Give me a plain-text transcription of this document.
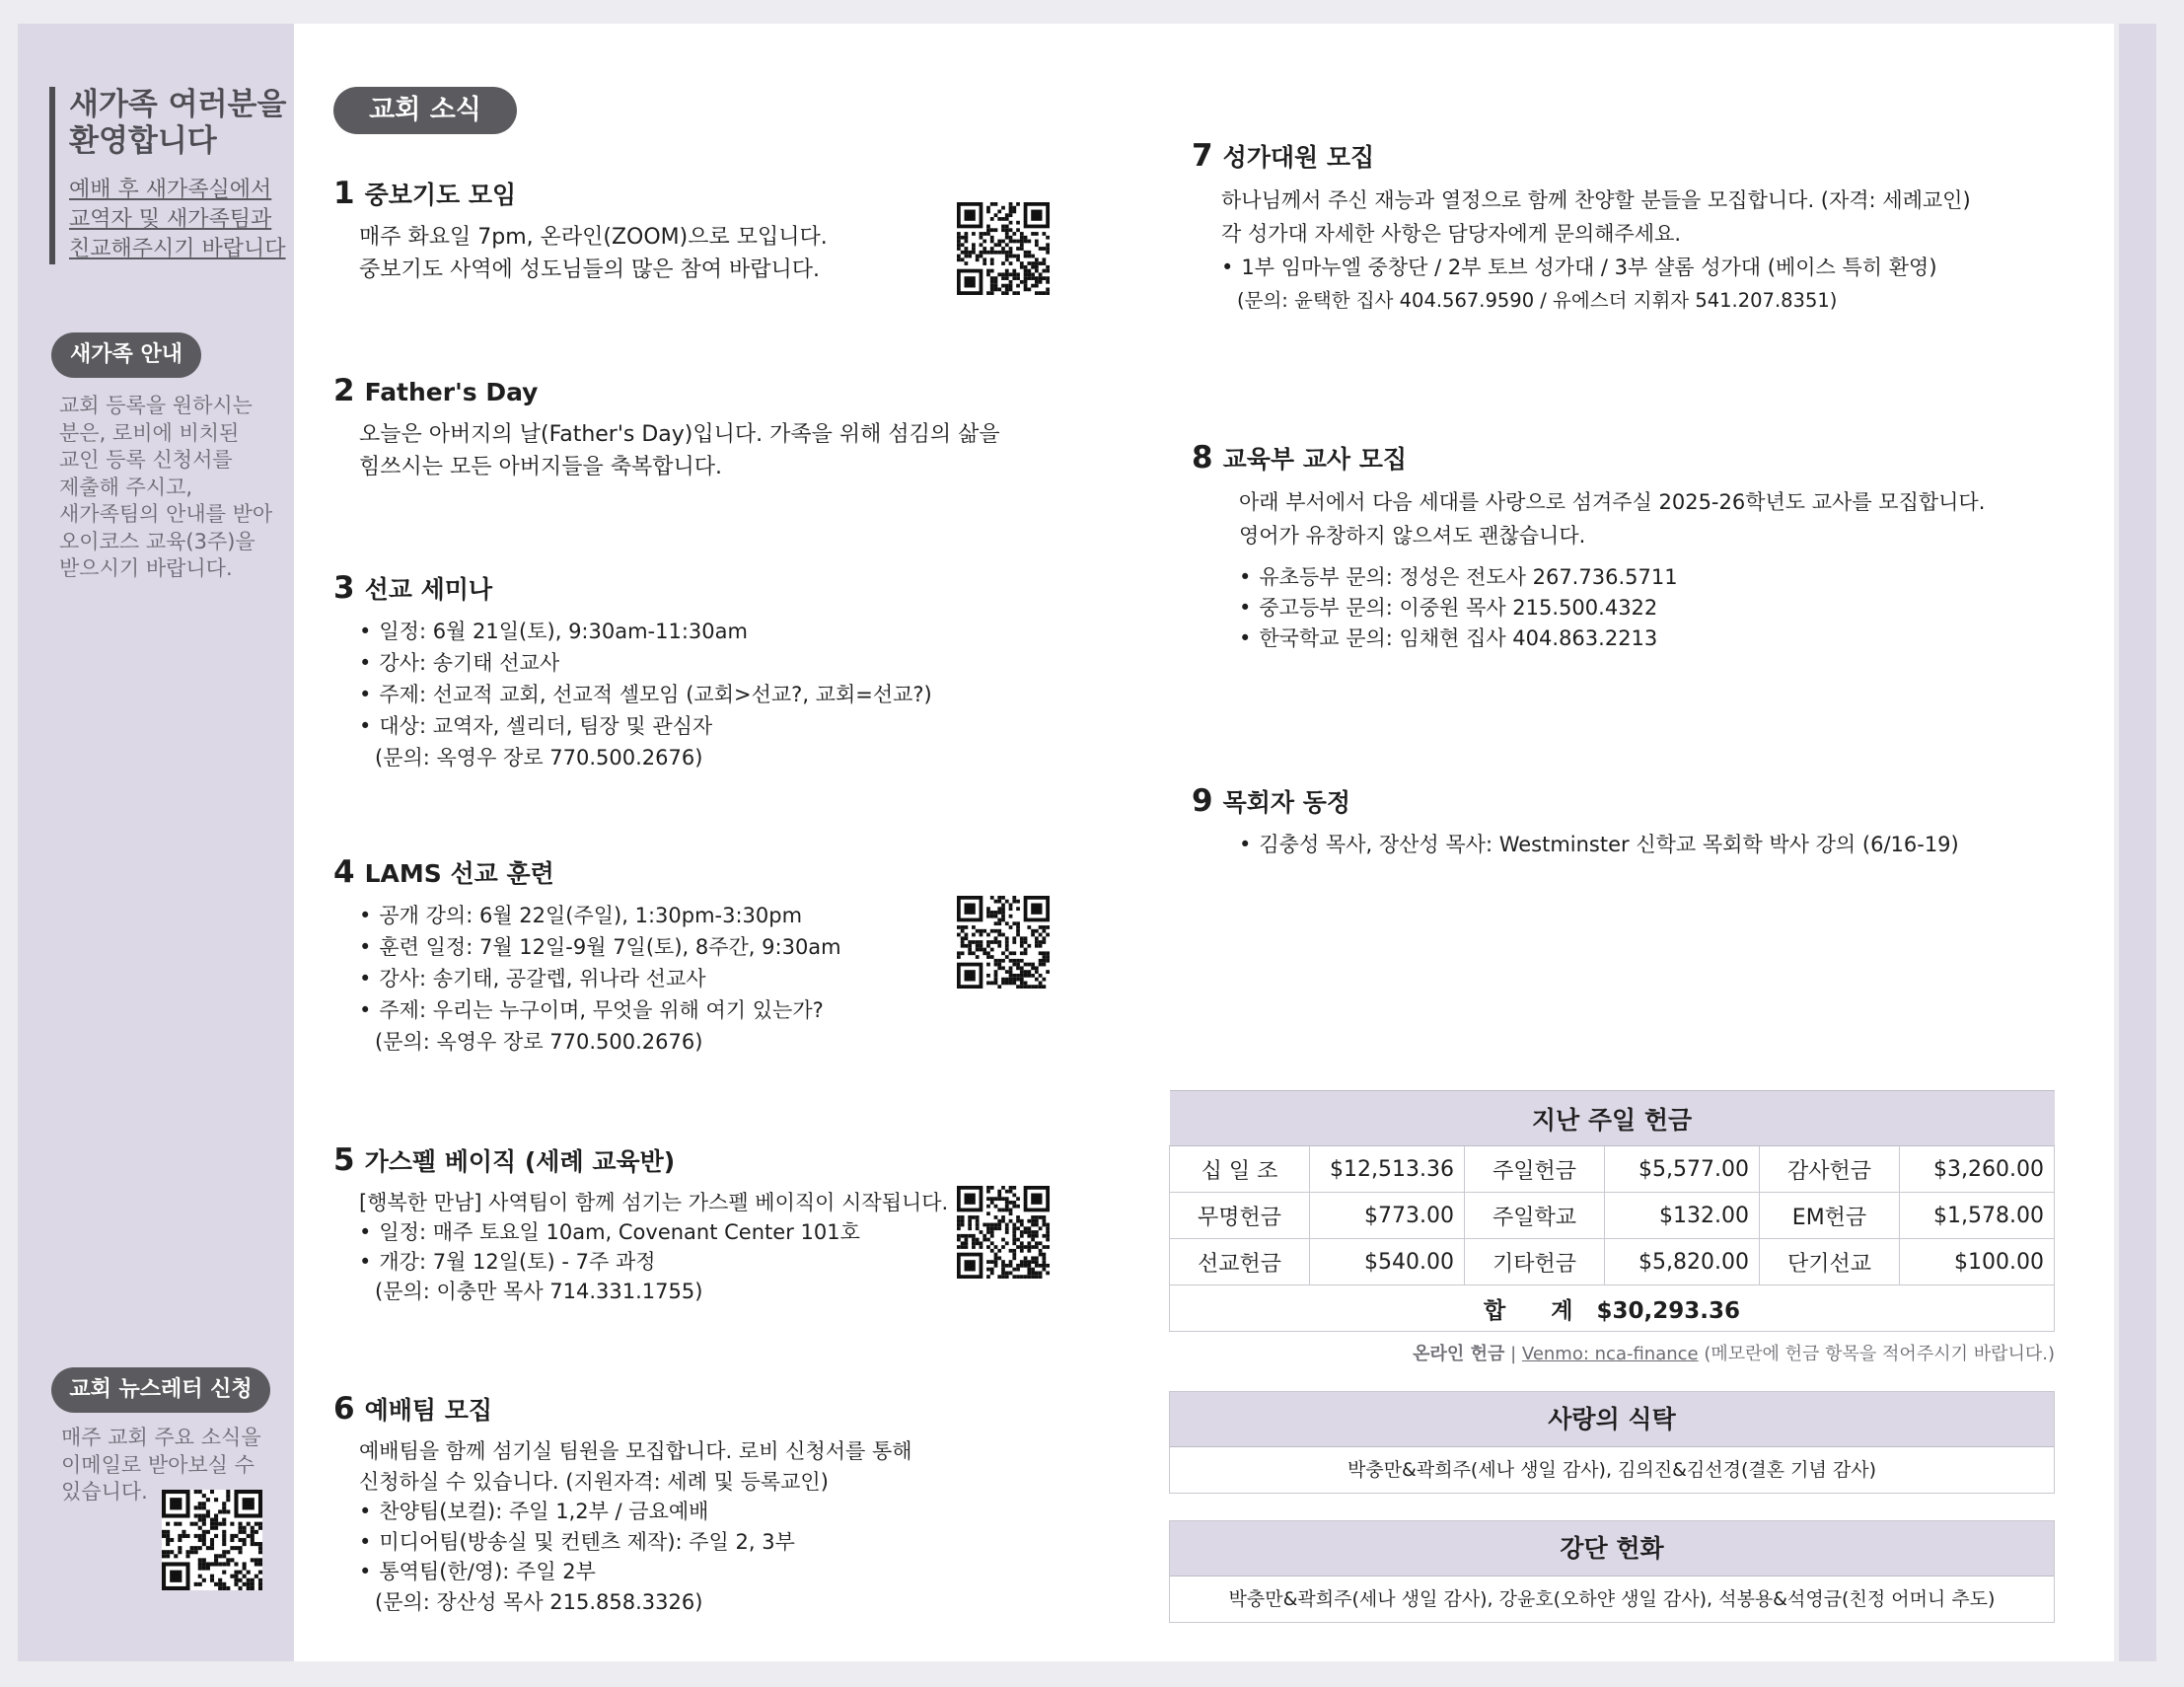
새가족 여러분을
환영합니다
예배 후 새가족실에서
교역자 및 새가족팀과
친교해주시기 바랍니다
새가족 안내
교회 등록을 원하시는
분은, 로비에 비치된
교인 등록 신청서를
제출해 주시고,
새가족팀의 안내를 받아
오이코스 교육(3주)을
받으시기 바랍니다.
교회 뉴스레터 신청
매주 교회 주요 소식을
이메일로 받아보실 수
있습니다.
교회 소식
1 중보기도 모임
매주 화요일 7pm, 온라인(ZOOM)으로 모입니다.
중보기도 사역에 성도님들의 많은 참여 바랍니다.
2 Father's Day
오늘은 아버지의 날(Father's Day)입니다. 가족을 위해 섬김의 삶을
힘쓰시는 모든 아버지들을 축복합니다.
3 선교 세미나
• 일정: 6월 21일(토), 9:30am-11:30am
• 강사: 송기태 선교사
• 주제: 선교적 교회, 선교적 셀모임 (교회>선교?, 교회=선교?)
• 대상: 교역자, 셀리더, 팀장 및 관심자
(문의: 옥영우 장로 770.500.2676)
4 LAMS 선교 훈련
• 공개 강의: 6월 22일(주일), 1:30pm-3:30pm
• 훈련 일정: 7월 12일-9월 7일(토), 8주간, 9:30am
• 강사: 송기태, 공갈렙, 위나라 선교사
• 주제: 우리는 누구이며, 무엇을 위해 여기 있는가?
(문의: 옥영우 장로 770.500.2676)
5 가스펠 베이직 (세례 교육반)
[행복한 만남] 사역팀이 함께 섬기는 가스펠 베이직이 시작됩니다.
• 일정: 매주 토요일 10am, Covenant Center 101호
• 개강: 7월 12일(토) - 7주 과정
(문의: 이충만 목사 714.331.1755)
6 예배팀 모집
예배팀을 함께 섬기실 팀원을 모집합니다. 로비 신청서를 통해
신청하실 수 있습니다. (지원자격: 세례 및 등록교인)
• 찬양팀(보컬): 주일 1,2부 / 금요예배
• 미디어팀(방송실 및 컨텐츠 제작): 주일 2, 3부
• 통역팀(한/영): 주일 2부
(문의: 장산성 목사 215.858.3326)
7 성가대원 모집
하나님께서 주신 재능과 열정으로 함께 찬양할 분들을 모집합니다. (자격: 세례교인)
각 성가대 자세한 사항은 담당자에게 문의해주세요.
• 1부 임마누엘 중창단 / 2부 토브 성가대 / 3부 샬롬 성가대 (베이스 특히 환영)
(문의: 윤택한 집사 404.567.9590 / 유에스더 지휘자 541.207.8351)
8 교육부 교사 모집
아래 부서에서 다음 세대를 사랑으로 섬겨주실 2025-26학년도 교사를 모집합니다.
영어가 유창하지 않으셔도 괜찮습니다.
• 유초등부 문의: 정성은 전도사 267.736.5711
• 중고등부 문의: 이중원 목사 215.500.4322
• 한국학교 문의: 임채현 집사 404.863.2213
9 목회자 동정
• 김충성 목사, 장산성 목사: Westminster 신학교 목회학 박사 강의 (6/16-19)
지난 주일 헌금					
십 일 조	$12,513.36	주일헌금	$5,577.00	감사헌금	$3,260.00
무명헌금	$773.00	주일학교	$132.00	EM헌금	$1,578.00
선교헌금	$540.00	기타헌금	$5,820.00	단기선교	$100.00
합　　계 $30,293.36					
온라인 헌금 | Venmo: nca-finance (메모란에 헌금 항목을 적어주시기 바랍니다.)
사랑의 식탁
박충만&곽희주(세나 생일 감사), 김의진&김선경(결혼 기념 감사)
강단 헌화
박충만&곽희주(세나 생일 감사), 강윤호(오하얀 생일 감사), 석봉용&석영금(친정 어머니 추도)
